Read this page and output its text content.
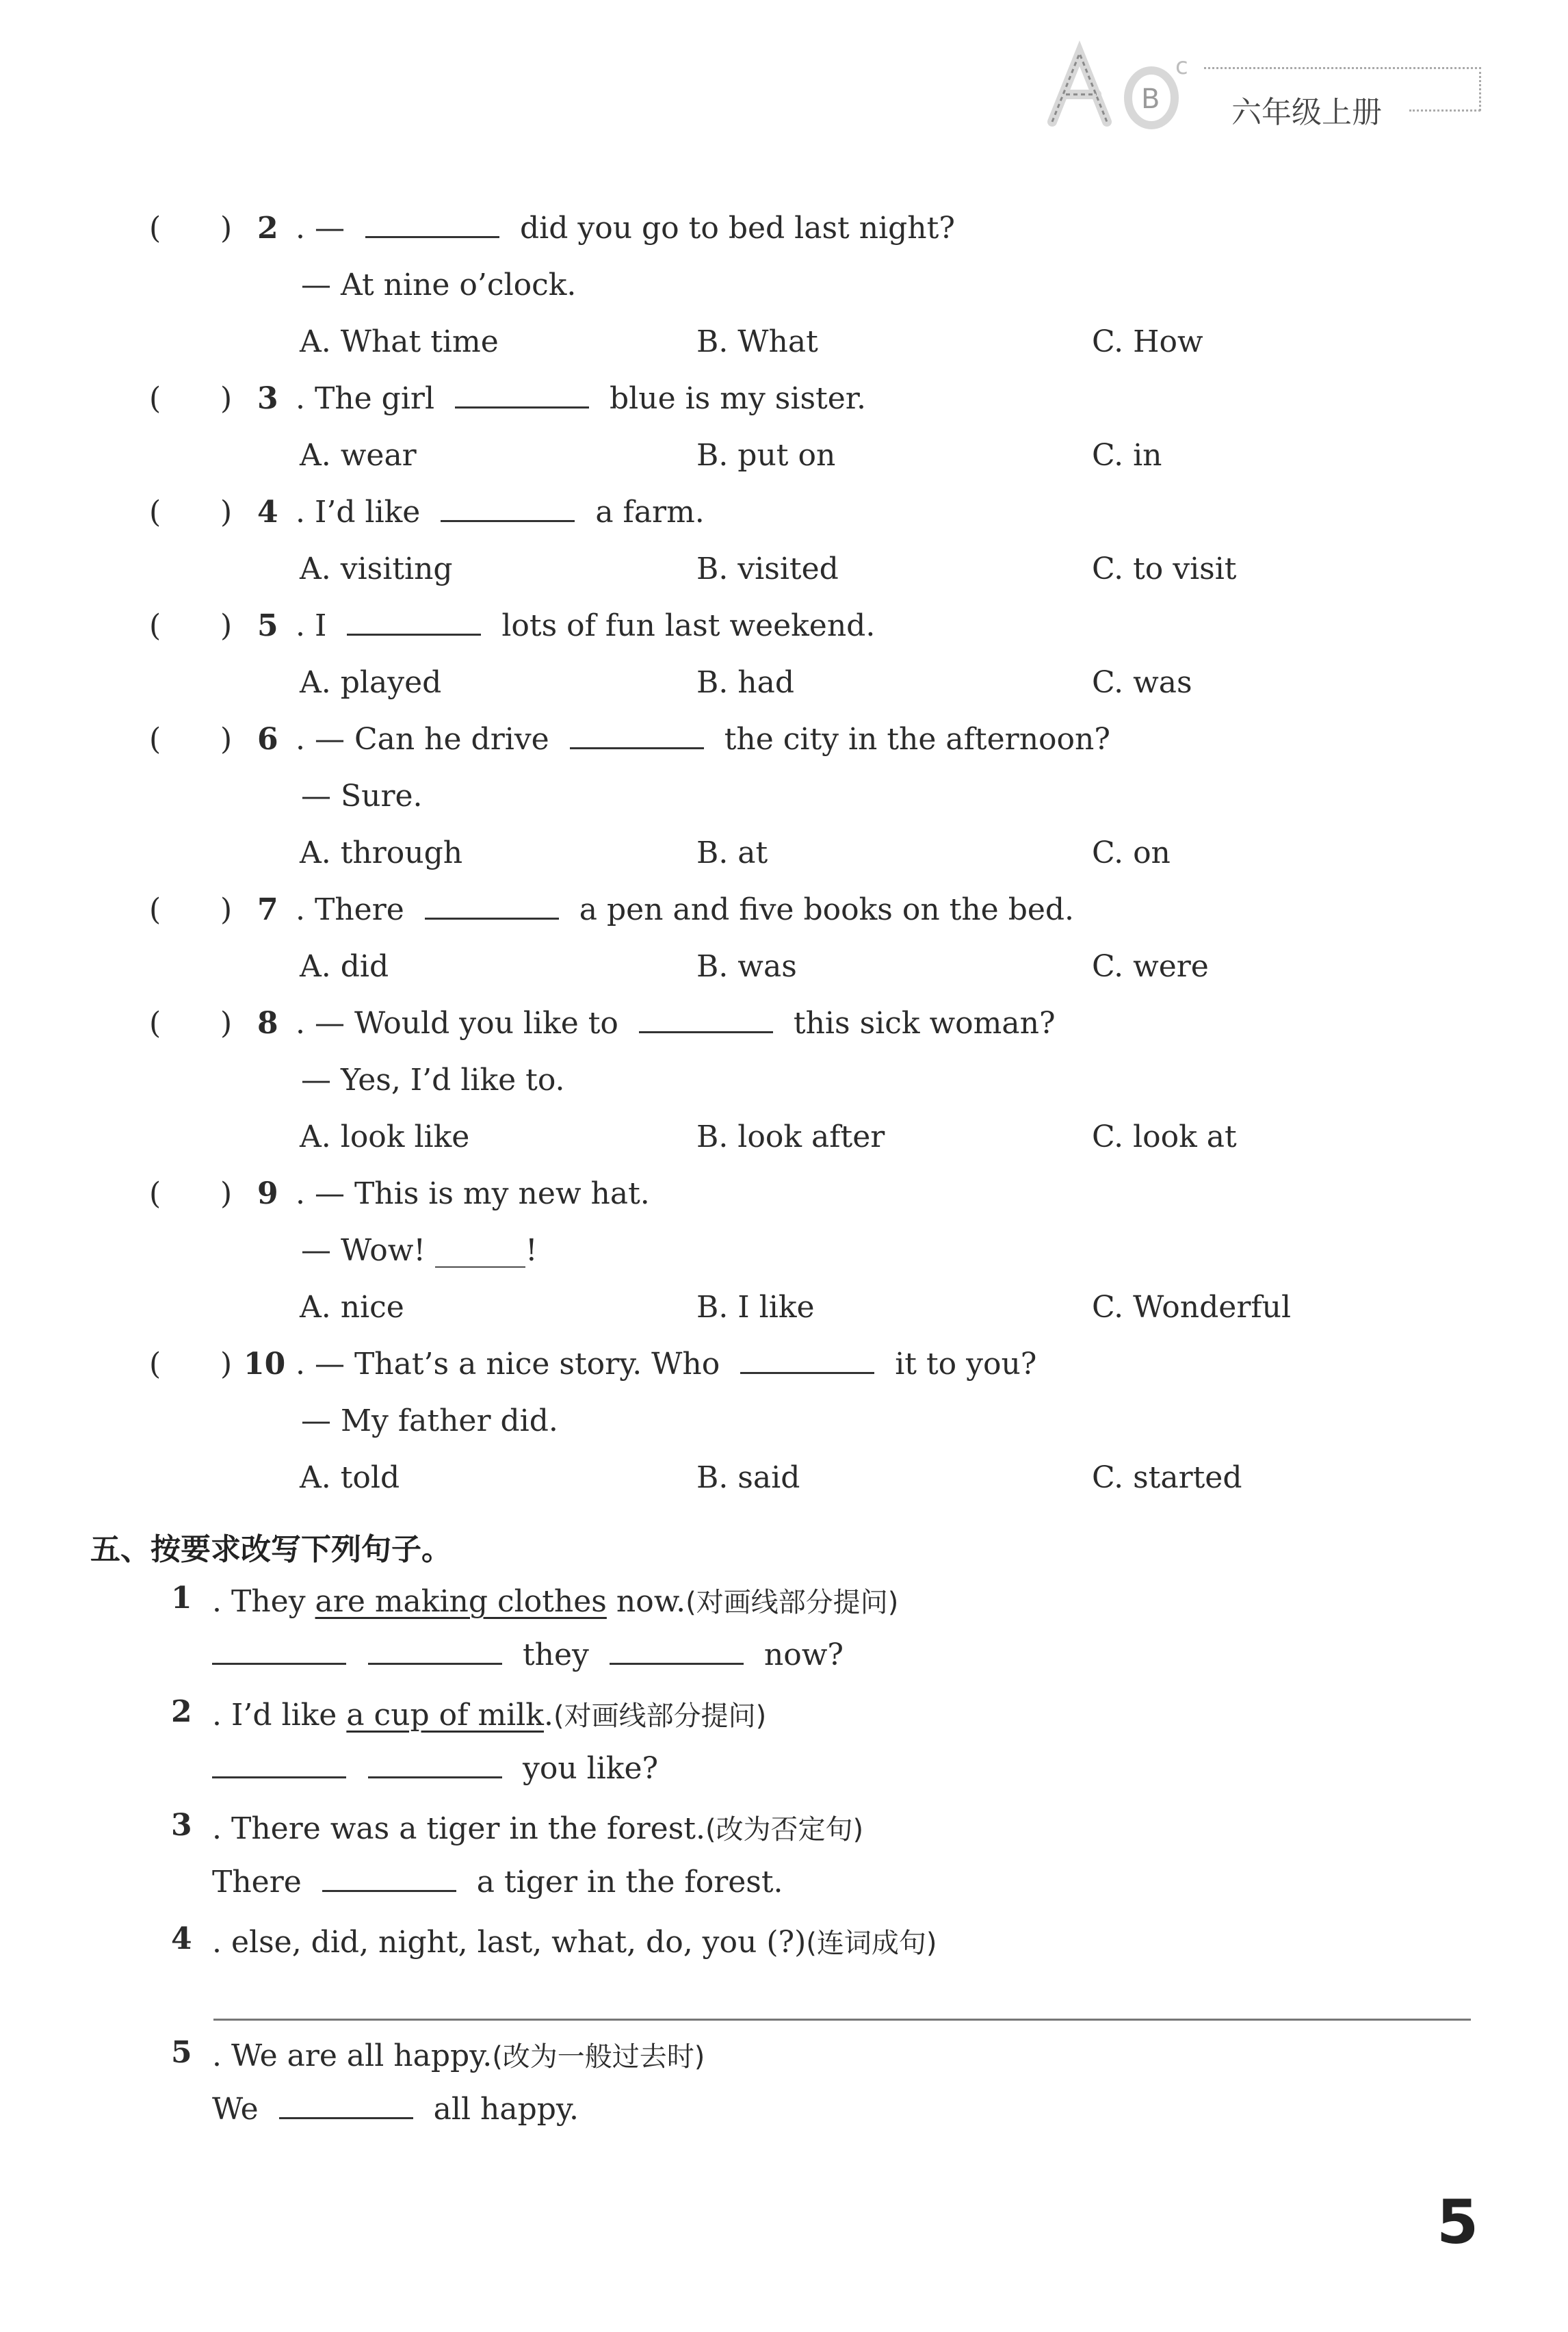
B
c
六年级上册
( ) 2 . —	did you go to bed last night?
— At nine o’clock.
A. What time	B. What	C. How
( ) 3 . The girl	blue is my sister.
A. wear	B. put on	C. in
( ) 4 . I’d like	a farm.
A. visiting	B. visited	C. to visit
( ) 5 . I	lots of fun last weekend.
A. played	B. had	C. was
( ) 6 . — Can he drive	the city in the afternoon?
— Sure.
A. through	B. at	C. on
( ) 7 . There	a pen and five books on the bed.
A. did	B. was	C. were
( ) 8 . — Would you like to	this sick woman?
— Yes, I’d like to.
A. look like	B. look after	C. look at
( ) 9 . — This is my new hat.
— Wow! ______!
A. nice	B. I like	C. Wonderful
( ) 10 . — That’s a nice story. Who	it to you?
— My father did.
A. told	B. said	C. started
五、按要求改写下列句子。
1 . They are making clothes now.(对画线部分提问)
they	now?
2 . I’d like a cup of milk.(对画线部分提问)
you like?
3 . There was a tiger in the forest.(改为否定句)
There	a tiger in the forest.
4 . else, did, night, last, what, do, you (?)(连词成句)
5 . We are all happy.(改为一般过去时)
We	all happy.
5
